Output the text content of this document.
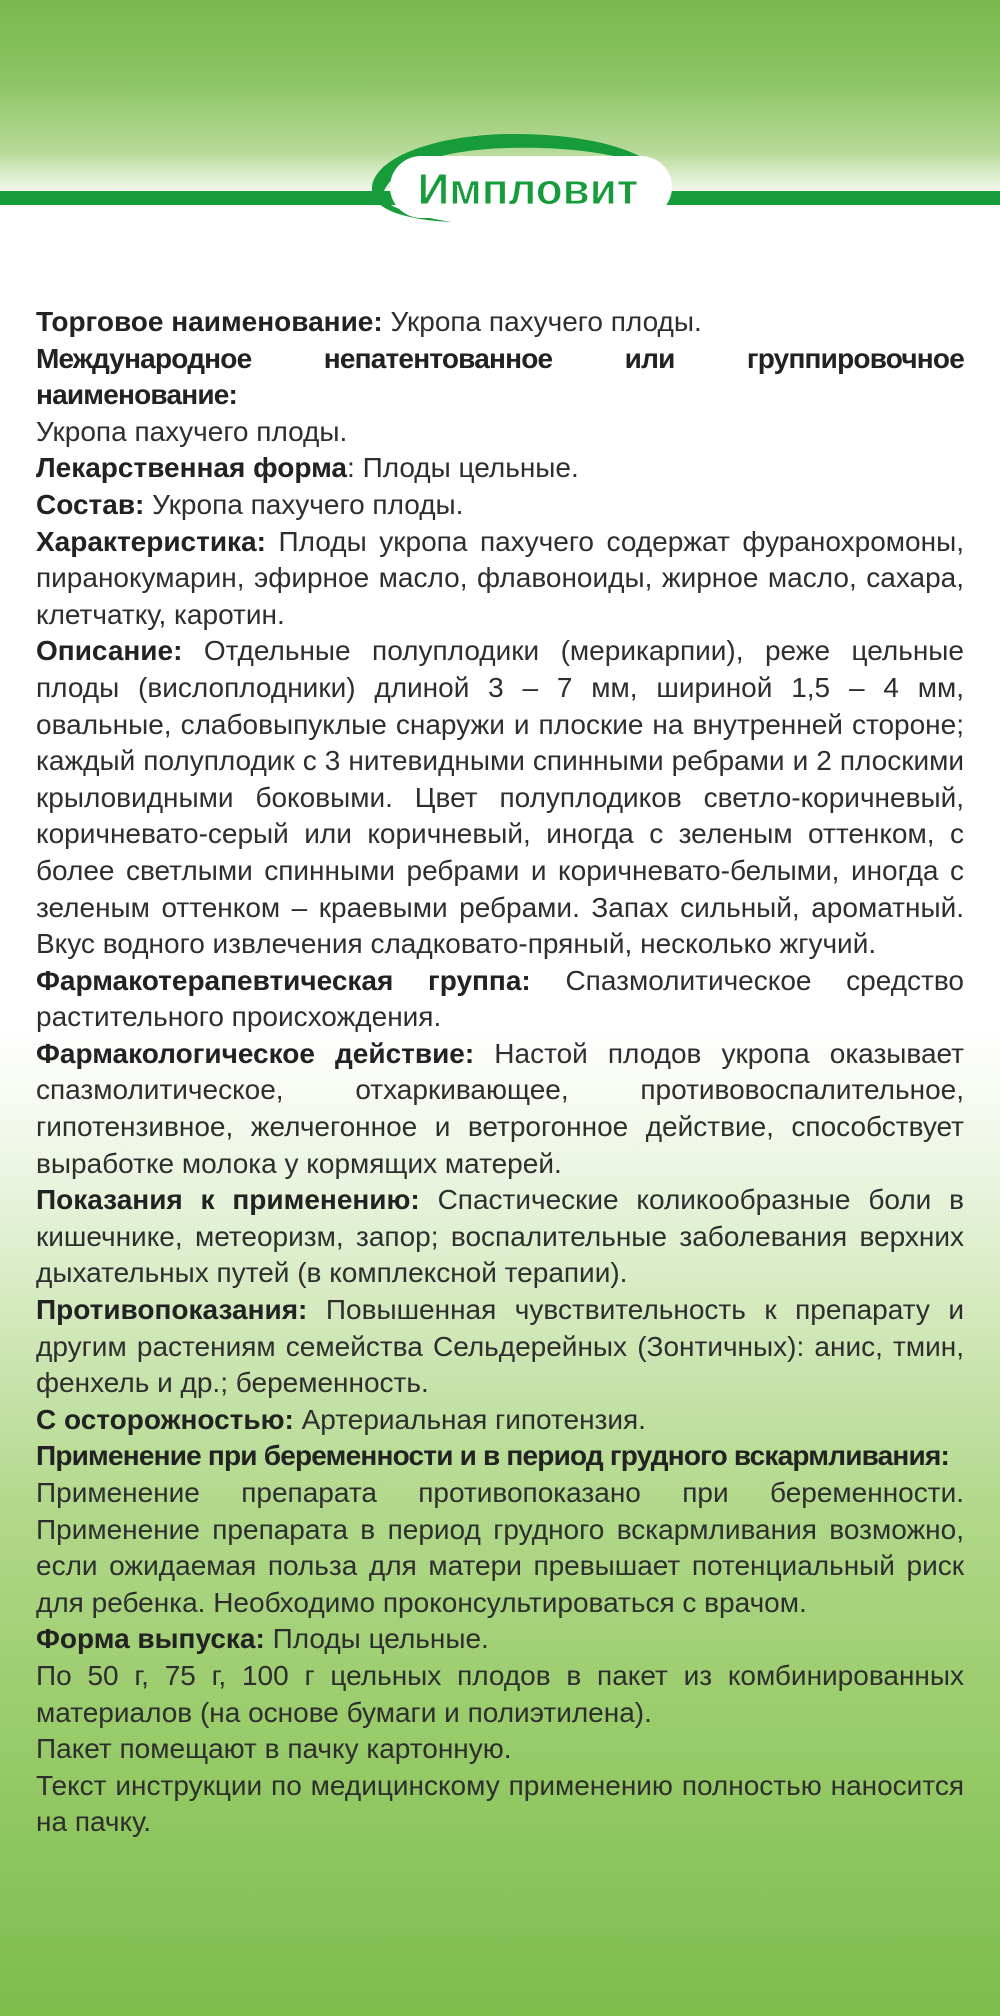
Импловит

Торговое наименование: Укропа пахучего плоды.

Международное непатентованное или группировочное наименование:

Укропа пахучего плоды.

Лекарственная форма: Плоды цельные.

Состав: Укропа пахучего плоды.

Характеристика: Плоды укропа пахучего содержат фуранохромоны, пиранокумарин, эфирное масло, флавоноиды, жирное масло, сахара, клетчатку, каротин.

Описание: Отдельные полуплодики (мерикарпии), реже цельные плоды (вислоплодники) длиной 3 – 7 мм, шириной 1,5 – 4 мм, овальные, слабовыпуклые снаружи и плоские на внутренней стороне; каждый полуплодик с 3 нитевидными спинными ребрами и 2 плоскими крыловидными боковыми. Цвет полуплодиков светло-коричневый, коричневато-серый или коричневый, иногда с зеленым оттенком, с более светлыми спинными ребрами и коричневато-белыми, иногда с зеленым оттенком – краевыми ребрами. Запах сильный, ароматный. Вкус водного извлечения сладковато-пряный, несколько жгучий.

Фармакотерапевтическая группа: Спазмолитическое средство растительного происхождения.

Фармакологическое действие: Настой плодов укропа оказывает спазмолитическое, отхаркивающее, противовоспалительное, гипотензивное, желчегонное и ветрогонное действие, способствует выработке молока у кормящих матерей.

Показания к применению: Спастические коликообразные боли в кишечнике, метеоризм, запор; воспалительные заболевания верхних дыхательных путей (в комплексной терапии).

Противопоказания: Повышенная чувствительность к препарату и другим растениям семейства Сельдерейных (Зонтичных): анис, тмин, фенхель и др.; беременность.

С осторожностью: Артериальная гипотензия.

Применение при беременности и в период грудного вскармливания:

Применение препарата противопоказано при беременности. Применение препарата в период грудного вскармливания возможно, если ожидаемая польза для матери превышает потенциальный риск для ребенка. Необходимо проконсультироваться с врачом.

Форма выпуска: Плоды цельные.

По 50 г, 75 г, 100 г цельных плодов в пакет из комбинированных материалов (на основе бумаги и полиэтилена).

Пакет помещают в пачку картонную.

Текст инструкции по медицинскому применению полностью наносится на пачку.
